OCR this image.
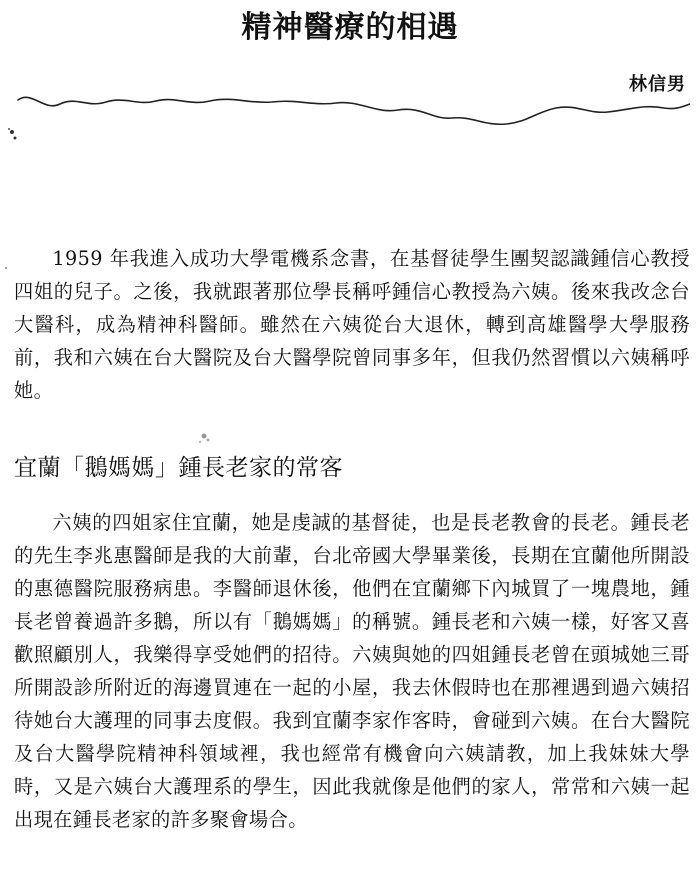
精神醫療的相遇
林信男

1959 年我進入成功大學電機系念書，在基督徒學生團契認識鍾信心教授四姐的兒子。之後，我就跟著那位學長稱呼鍾信心教授為六姨。後來我改念台大醫科，成為精神科醫師。雖然在六姨從台大退休，轉到高雄醫學大學服務前，我和六姨在台大醫院及台大醫學院曾同事多年，但我仍然習慣以六姨稱呼她。

宜蘭「鵝媽媽」鍾長老家的常客

六姨的四姐家住宜蘭，她是虔誠的基督徒，也是長老教會的長老。鍾長老的先生李兆惠醫師是我的大前輩，台北帝國大學畢業後，長期在宜蘭他所開設的惠德醫院服務病患。李醫師退休後，他們在宜蘭鄉下內城買了一塊農地，鍾長老曾養過許多鵝，所以有「鵝媽媽」的稱號。鍾長老和六姨一樣，好客又喜歡照顧別人，我樂得享受她們的招待。六姨與她的四姐鍾長老曾在頭城她三哥所開設診所附近的海邊買連在一起的小屋，我去休假時也在那裡遇到過六姨招待她台大護理的同事去度假。我到宜蘭李家作客時，會碰到六姨。在台大醫院及台大醫學院精神科領域裡，我也經常有機會向六姨請教，加上我妹妹大學時，又是六姨台大護理系的學生，因此我就像是他們的家人，常常和六姨一起出現在鍾長老家的許多聚會場合。
